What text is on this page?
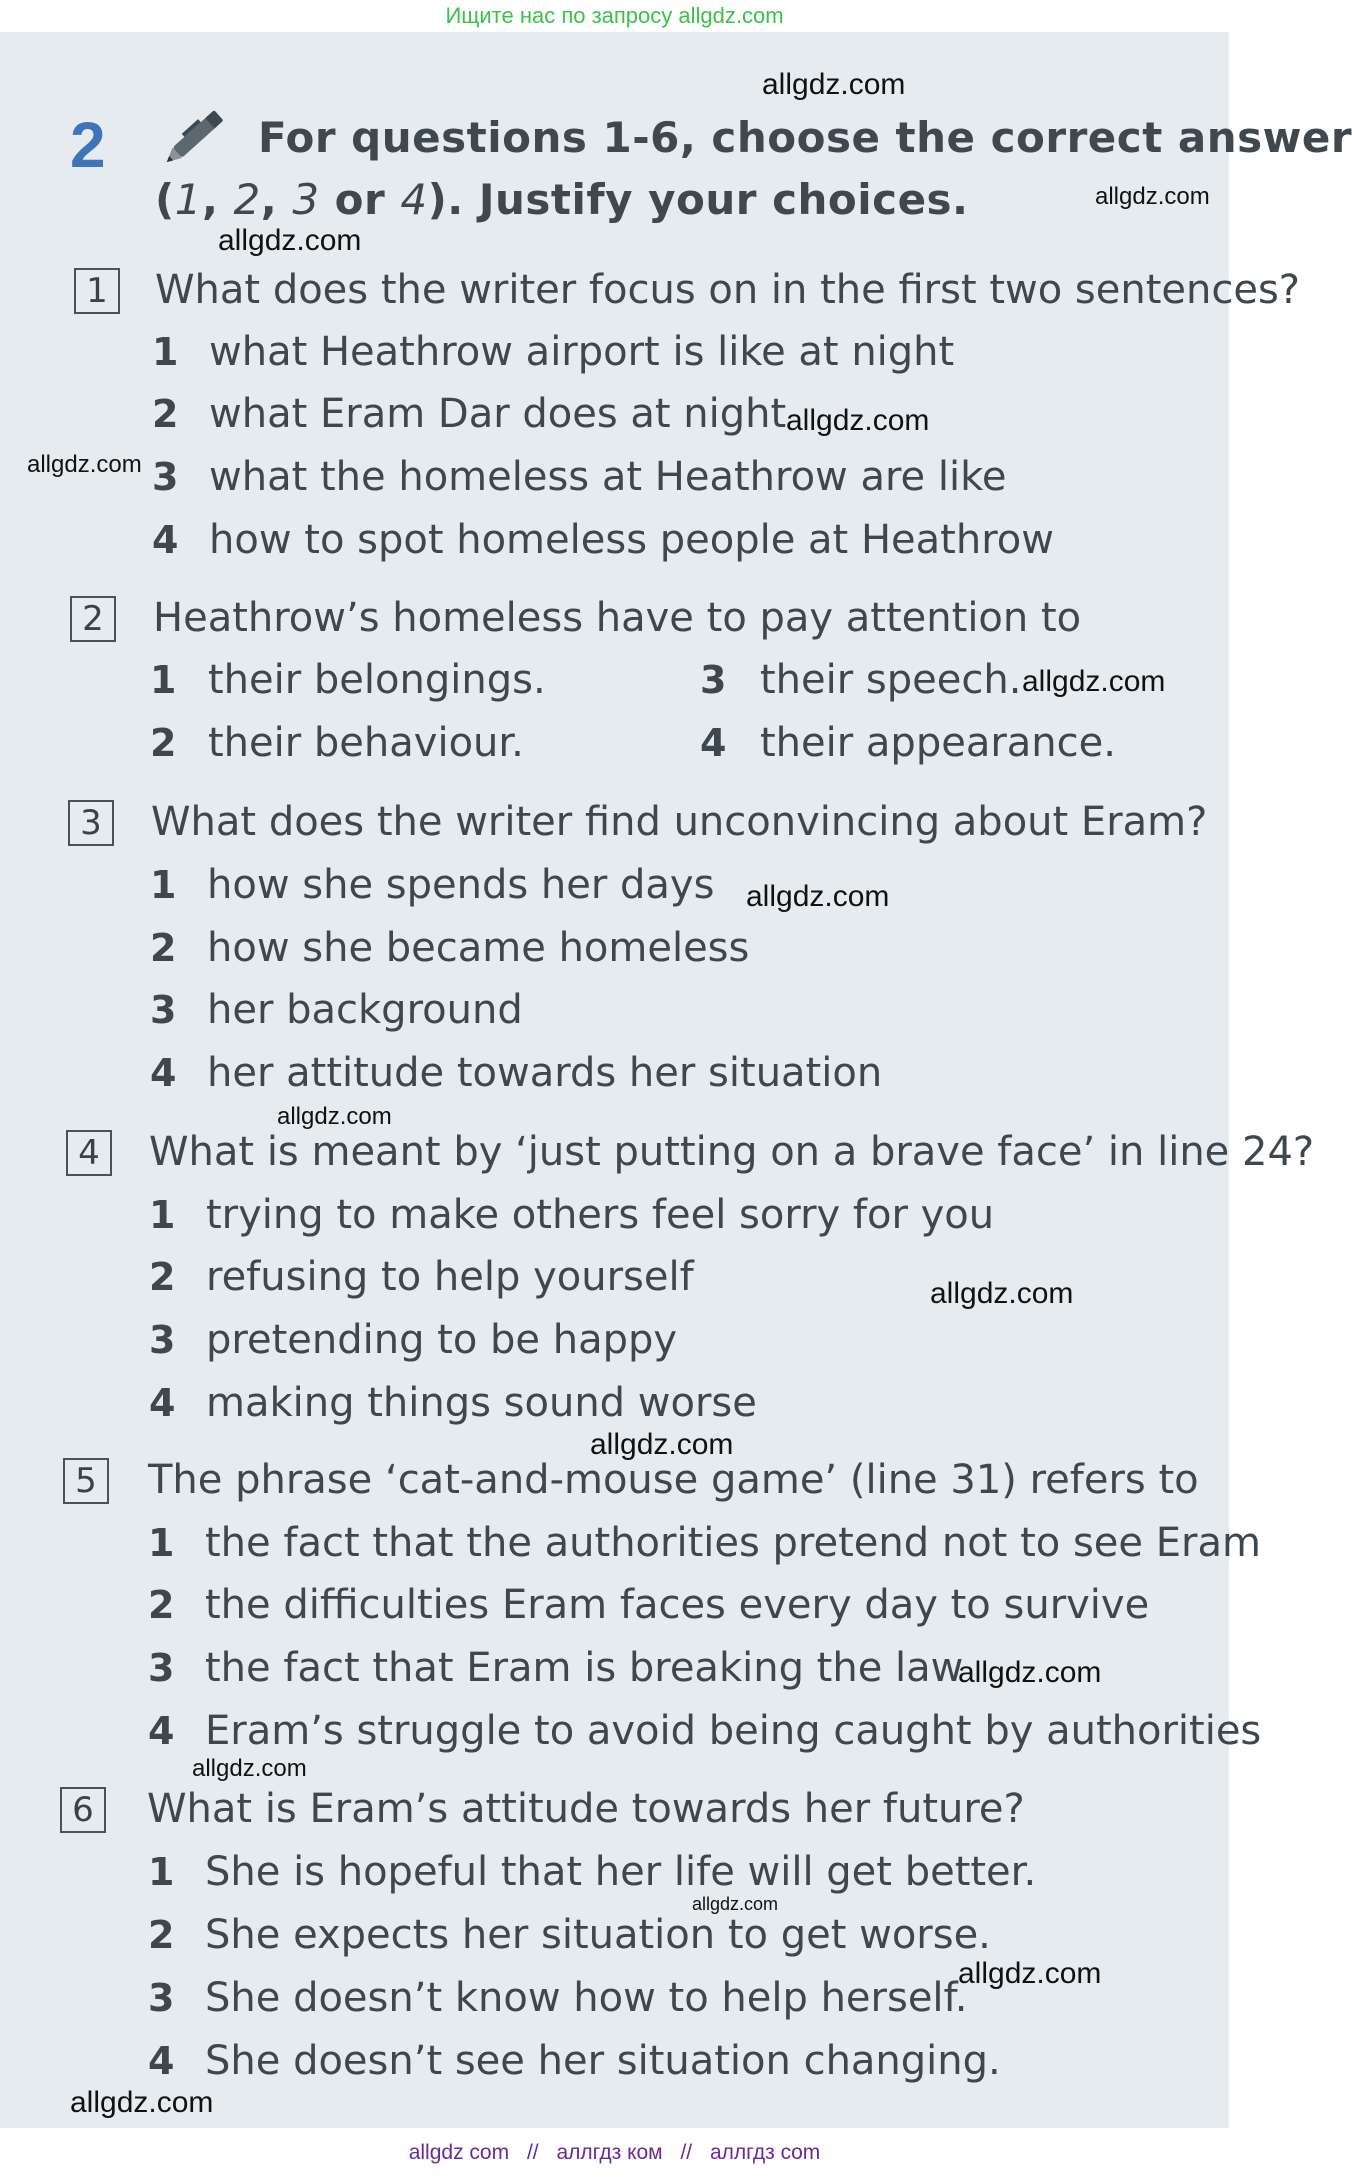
Ищите нас по запросу allgdz.com
2	For questions 1-6, choose the correct answer
(1, 2, 3 or 4). Justify your choices.
1	What does the writer focus on in the first two sentences?
1 what Heathrow airport is like at night
2 what Eram Dar does at night
3 what the homeless at Heathrow are like
4 how to spot homeless people at Heathrow
2	Heathrow’s homeless have to pay attention to
1 their belongings.
2 their behaviour.
3 their speech.
4 their appearance.
3	What does the writer find unconvincing about Eram?
1 how she spends her days
2 how she became homeless
3 her background
4 her attitude towards her situation
4	What is meant by ‘just putting on a brave face’ in line 24?
1 trying to make others feel sorry for you
2 refusing to help yourself
3 pretending to be happy
4 making things sound worse
5	The phrase ‘cat-and-mouse game’ (line 31) refers to
1 the fact that the authorities pretend not to see Eram
2 the difficulties Eram faces every day to survive
3 the fact that Eram is breaking the law
4 Eram’s struggle to avoid being caught by authorities
6	What is Eram’s attitude towards her future?
1 She is hopeful that her life will get better.
2 She expects her situation to get worse.
3 She doesn’t know how to help herself.
4 She doesn’t see her situation changing.
allgdz.com
allgdz.com
allgdz.com
allgdz.com
allgdz.com
allgdz.com
allgdz.com
allgdz.com
allgdz.com
allgdz.com
allgdz.com
allgdz.com
allgdz.com
allgdz.com
allgdz.com
allgdz com // аллгдз ком // аллгдз com
